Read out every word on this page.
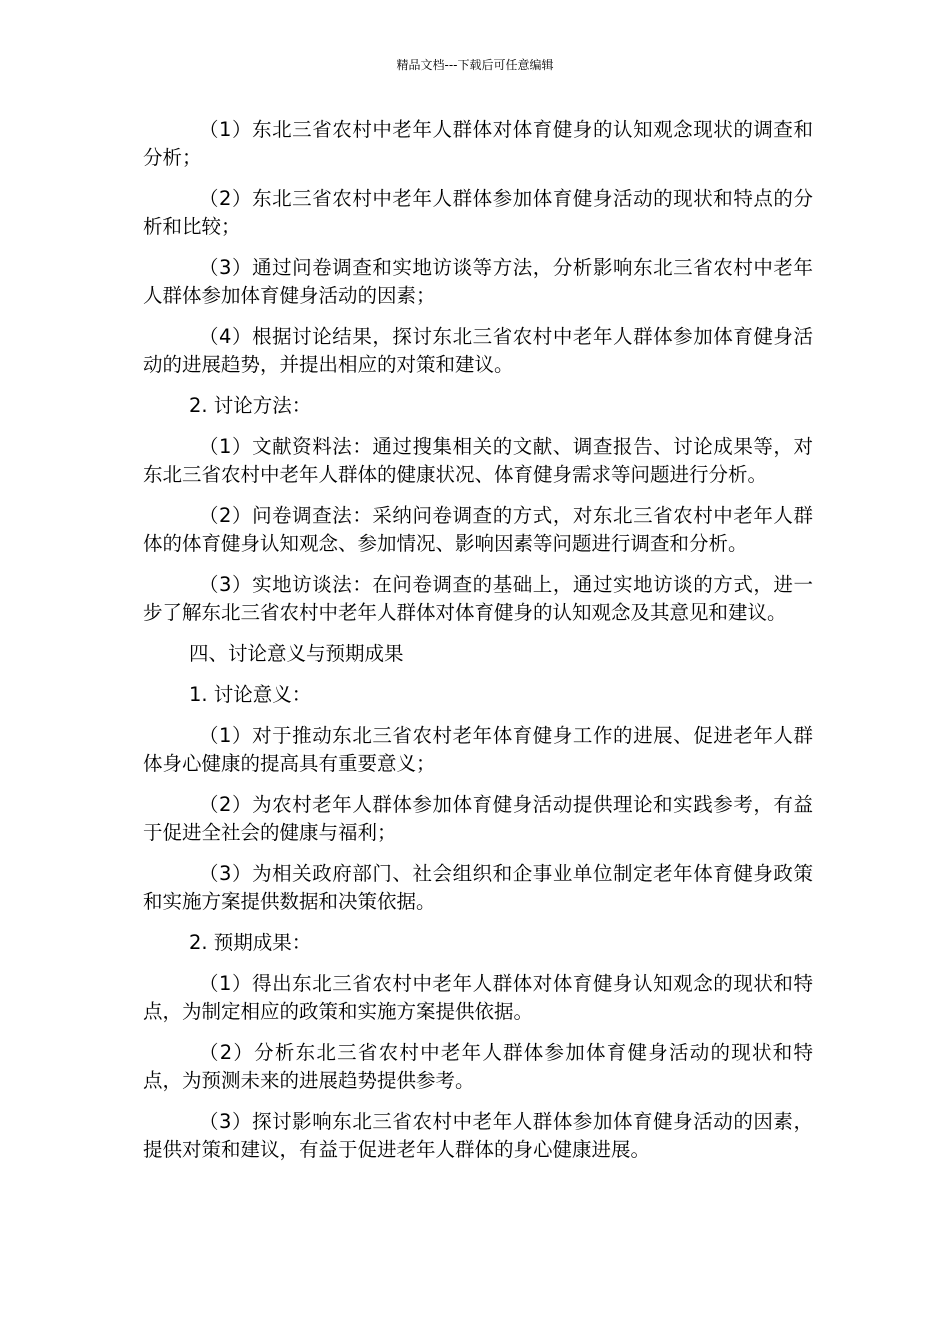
精品文档---下载后可任意编辑

（1）东北三省农村中老年人群体对体育健身的认知观念现状的调查和分析；

（2）东北三省农村中老年人群体参加体育健身活动的现状和特点的分析和比较；

（3）通过问卷调查和实地访谈等方法，分析影响东北三省农村中老年人群体参加体育健身活动的因素；

（4）根据讨论结果，探讨东北三省农村中老年人群体参加体育健身活动的进展趋势，并提出相应的对策和建议。

2. 讨论方法：

（1）文献资料法：通过搜集相关的文献、调查报告、讨论成果等，对东北三省农村中老年人群体的健康状况、体育健身需求等问题进行分析。

（2）问卷调查法：采纳问卷调查的方式，对东北三省农村中老年人群体的体育健身认知观念、参加情况、影响因素等问题进行调查和分析。

（3）实地访谈法：在问卷调查的基础上，通过实地访谈的方式，进一步了解东北三省农村中老年人群体对体育健身的认知观念及其意见和建议。

四、讨论意义与预期成果

1. 讨论意义：

（1）对于推动东北三省农村老年体育健身工作的进展、促进老年人群体身心健康的提高具有重要意义；

（2）为农村老年人群体参加体育健身活动提供理论和实践参考，有益于促进全社会的健康与福利；

（3）为相关政府部门、社会组织和企事业单位制定老年体育健身政策和实施方案提供数据和决策依据。

2. 预期成果：

（1）得出东北三省农村中老年人群体对体育健身认知观念的现状和特点，为制定相应的政策和实施方案提供依据。

（2）分析东北三省农村中老年人群体参加体育健身活动的现状和特点，为预测未来的进展趋势提供参考。

（3）探讨影响东北三省农村中老年人群体参加体育健身活动的因素，提供对策和建议，有益于促进老年人群体的身心健康进展。
